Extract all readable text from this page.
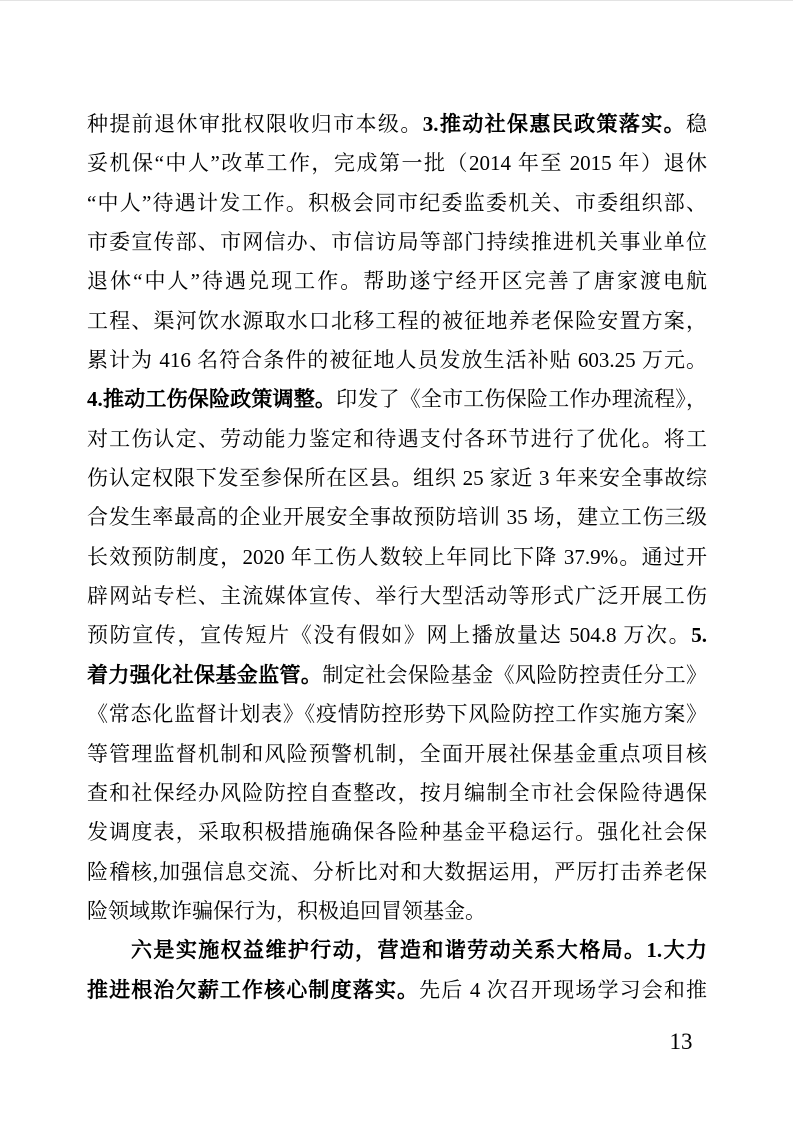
种提前退休审批权限收归市本级。3.推动社保惠民政策落实。稳

妥机保“中人”改革工作，完成第一批（2014 年至 2015 年）退休

“中人”待遇计发工作。积极会同市纪委监委机关、市委组织部、

市委宣传部、市网信办、市信访局等部门持续推进机关事业单位

退休“中人”待遇兑现工作。帮助遂宁经开区完善了唐家渡电航

工程、渠河饮水源取水口北移工程的被征地养老保险安置方案，

累计为 416 名符合条件的被征地人员发放生活补贴 603.25 万元。

4.推动工伤保险政策调整。印发了《全市工伤保险工作办理流程》，

对工伤认定、劳动能力鉴定和待遇支付各环节进行了优化。将工

伤认定权限下发至参保所在区县。组织 25 家近 3 年来安全事故综

合发生率最高的企业开展安全事故预防培训 35 场，建立工伤三级

长效预防制度，2020 年工伤人数较上年同比下降 37.9%。通过开

辟网站专栏、主流媒体宣传、举行大型活动等形式广泛开展工伤

预防宣传，宣传短片《没有假如》网上播放量达 504.8 万次。5.

着力强化社保基金监管。制定社会保险基金《风险防控责任分工》

《常态化监督计划表》《疫情防控形势下风险防控工作实施方案》

等管理监督机制和风险预警机制，全面开展社保基金重点项目核

查和社保经办风险防控自查整改，按月编制全市社会保险待遇保

发调度表，采取积极措施确保各险种基金平稳运行。强化社会保

险稽核,加强信息交流、分析比对和大数据运用，严厉打击养老保

险领域欺诈骗保行为，积极追回冒领基金。

六是实施权益维护行动，营造和谐劳动关系大格局。1.大力

推进根治欠薪工作核心制度落实。先后 4 次召开现场学习会和推

13
